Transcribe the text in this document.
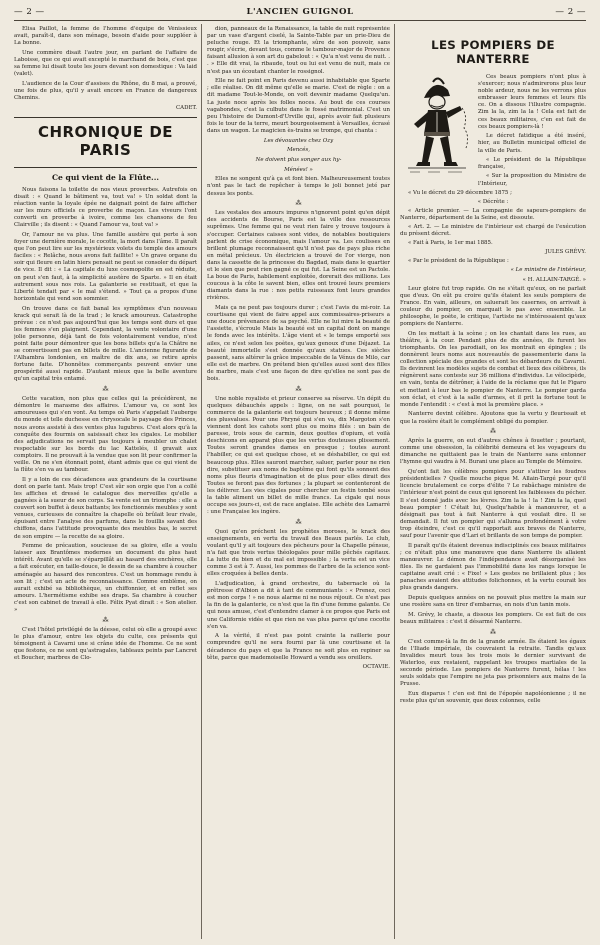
— 2 —	L'ANCIEN GUIGNOL	— 2 —

Elisa Paillot, la femme de l'homme d'équipe de Vénissieux avait, paraît-il, dans son ménage, besoin d'aide pour suppléer à La bonne.

Une commère disait l'autre jour, en parlant de l'affaire de Laboisse, que ce qui avait excepté le marchand de bois, c'est que sa femme lui disait toute les jours devant son domestique : Va laid (valet).

L'audience de la Cour d'assises du Rhône, du 8 mai, a prouvé, une fois de plus, qu'il y avait encore en France de dangereux Chemins.

CADET.

CHRONIQUE DE PARIS
Ce qui vient de la Flûte...

Nous faisons la toilette de nos vieux proverbes. Autrefois on disait : « Quand le bâtiment va, tout va! » Un soldat dont la réaction vante la loyale épée ne daignait point de faire afficher sur les murs officiels ce proverbe de maçon. Les viveurs l'ont converti en proverbe à ivoire, comme les chansons de feu Clairville ; ils disent : « Quand l'amour va, tout va! »

Or, l'amour ne va plus. Une famille austère qui perte à son foyer une dernière morale, le cocotte, la mort dans l'âme. Il paraît que l'on peut lire sur les mystérieux volets du temple des amours faciles : « Relâche, nous avons fait faillite! » Un grave organe du soir qui fleure en latin hiers pensait ne peut se consoler du départ de vice. Il dit : « La capitale du luxe cosmopolite en est réduite, on peut s'en faut, à la simplicité austère de Sparte. » Il en était autrement sous nos rois. La galanterie se restituait, et que la Liberté tendait par « le mal s'étend. » Tout ça a propos d'une horizontale qui vend son sommier.

On trouve dans ce fait banal les symptômes d'un nouveau krack qui serait là de la trad ; le krack amoureux. Catastrophe prévue : ce n'est pas aujourd'hui que les temps sont durs et que les femmes s'en plaignent. Cependant, la vente volontaire d'une jolie personne, déjà tant de fois volontairement vendue, n'est point faite pour démontrer que les bons billets qu'a la Châtre ne se convertissent pas en billets de mille. L'ancienne figurante de l'Alhambra londonien, en maître de dix ans, se retire après fortune faite. D'honnêtes commerçants peuvent envier une prospérité aussi rapide. D'autant mieux que la belle aventure qu'un capital très entamé.

⁂

Cette vacation, non plus que celles qui la précédèrent, ne démontre le marasme des affaires. L'amour va, ce sont les amoureuses qui s'en vont. Au temps où Paris s'appelait l'auberge du monde et telle duchesse en chrysocale le paysage des Princes, nous avons assisté à des ventes plus lugubres. C'est alors qu'à la conquête des fourmis on saisissait chez les cigales. Le mobilier des adjudications ne servait pas toujours à meubler un chalet respectable sur les bords du lac Kattelés, il gravait aux comptoirs. Il ne prouvait à la vendue que son lit peur confirmer la veille. On ne s'en étonnait point, étant admis que ce qui vient de la flûte s'en va au tambour.

Il y a loin de ces décadences aux grandeurs de la courtisane dont on parle tant. Mais trop! C'est sûr son orgie que l'on a collé les affiches et dressé le catalogue des merveilles qu'elle a gagnées à la sueur de son corps. Sa vente est un triomphe : elle a couvert son buffet à deux battants; les fonctionnés meubles y sont venues, curieuses de connaître la chapelle où brûlait leur rivale, épuisant entre l'analyse des parfums, dans le fouillis savant des chiffons, dans l'attitude provoquante des meubles bas, le secret de son empire — la recette de sa gloire.

Femme de précaution, soucieuse de sa gloire, elle a voulu laisser aux Brantômes modernes un document du plus haut intérêt. Avant qu'elle se s'éparpillât au hasard des enchères, elle a fait exécuter, en taille-douce, le dessin de sa chambre à coucher aménagée au hasard des rencontres. C'est un hommage rendu à son lit ; c'est un acte de reconnaissance. Comme emblème, on aurait exhibé sa bibliothèque, un chiffonnier, et en reflet ses amours. L'hermétisme exhibe ses draps. Sa chambre à coucher c'est son cabinet de travail à elle. Félix Pyat dirait : « Son atelier. »

⁂

C'est l'hôtel privilégié de la déesse, celui où elle a groupé avec le plus d'amour, entre les objets du culte, ces présents qui témoignent à Cavarni une si crâne idée de l'homme. Ce ne sont que festons, ce ne sont qu'astragales, tableaux peints par Lancret et Boucher, marbres de Clo-

dion, panneaux de la Renaissance, la table de nuit représentée par un vase d'argent ciselé, la Sainte-Table par un prie-Dieu de peluche rouge. Et la triomphante, sûre de son pouvoir, sans rougir, s'écrie, devant tous, comme le tambour-major de Provence faisant allusion à son art du gabelout : « Qu'a n'est venu de nuit. . . » Elle dit vrai, la ribaude, tout ou lui est venu de nuit, mais ce n'est pas un écoutant chanter le rossignol.

Elle ne fait point en Paris devenu aussi inhabitable que Sparte ; elle réalise. On dit même qu'elle se marie. C'est de règle : on a dit madame Tout-le-Monde, on voit devenir madame Quelqu'un. La juste noce après les folles noces. Au bout de ces courses vagabondes, c'est la culbute dans le fossé matrimonial. C'est un peu l'histoire de Dumont-d'Urville qui, après avoir fait plusieurs fois le tour de la terre, meurt bourgeoisement à Versailles, écrasé dans un wagon. Le magicien ès-trains se trompe, qui chanta :

Les dévouantes chez Ozy

Mencés,

Ne doivent plus songer aux hy-

Ménées! »

Elles ne songent qu'à ça et font bien. Malheureusement toutes n'ont pas le tact de repêcher à temps le joli bonnet jeté par dessus les ponts.

⁂

Les vestales des amours impures n'ignorent point qu'en dépit des accidents de Bourse, Paris est la ville des ressources suprêmes. Une femme qui ne veut rien faire y trouve toujours à s'occuper. Certaines caisses sont vides, de notables boutiquiers parlent de crise économique, mais l'amour va. Les coulisses en brillent plumage reconnaissent qu'il n'est pas de pays plus riche en métal précieux. Un électricien a trouvé de l'or vierge, non dans la cassette de la princesse du Bagdad, mais dans le quartier et le sien que peut rien gagné ce qui fut. La Seine est un Pactole. La boue de Paris, habilement exploitée, dorerait des millions. Les coucous à la côte le savent bien, elles ont trouvé leurs premiers diamants dans la rue : nos petits ruisseaux font leurs grandes rivières.

Mais ça ne peut pas toujours durer ; c'est l'avis du mi-roir. La courtisane qui vient de faire appel aux commissaires-priseurs a une douce prévenance de sa psyché. Elle ne lui mire la beauté de l'assiette, s'écroule Mais la beauté est un capital dont on mange le fonds avec les intérêts. L'âge vient et « le temps emporté ses ailes, ce n'est selon les poètes, qu'aux genoux d'une Déjazet. La beauté immortelle s'est donnée qu'aux statues. Ces siècles passent, sans altérer la grâce impeccable de la Vénus de Milo, car elle est de marbre. On prétend bien qu'elles aussi sont des filles de marbre, mais c'est une façon de dire qu'elles ne sont pas de bois.

⁂

Une noble royaliste et prieur conserve sa réserve. Un dépit du quelques débauchés appels : ligne, on ne sait pourquoi, le commerce de la galanterie est toujours heureux ; il donne même des plusvalues. Pour une Phryné qui s'en va, dix Margoton s'en viennent dont les cahots sont plus ou moins filés : un bain de paresse, trois sous de carmin, deux gouttes d'opium, et voilà deschicons en apparat plus que les vertus douteuses plissement. Toutes seront grandes dames en presque ; toutes auront l'habiller, ce qui est quelque chose, et se déshabiller, ce qui est beaucoup plus. Elles sauront marcher, saluer, parler pour ne rien dire, substituer aux noms de baptême qui font qu'ils sonnent des noms plus fleuris d'imagination et de plus pour elles dirait des Toutes se feront pas des fortunes ; la plupart se contenteront de les délivrer. Les vies cigales pour chercher un festin tombé sous la table aliment un billet de mille francs. La cigale qui nous occupe ses jours-ci, est de race anglaise. Elle achète des Lamarré : une Française les ingère.

⁂

Quoi qu'en préchent les prophètes moroses, le krack des enseignements, en vertu du travail des Beaux parlés. Le club, voulant qu'il y ait toujours des pécheurs pour la Chapelle pénsue, n'a fait que trois vertus théologales pour mille pêchés capitaux. La lutte du bien et du mal est impossible ; la vertu est un vice comme 3 est à 7. Aussi, les pommes de l'arbre de la science sont-elles croquées à belles dents.

L'adjudication, à grand orchestre, du tabernacle où la prêtresse d'Albion a dit à tant de communiants : « Prenez, ceci est mon corps ! » ne nous alarme ni ne nous réjouit. Ce n'est pas la fin de la galanterie, ce n'est que la fin d'une femme galante. Ce qui nous amuse, c'est d'entendre clamer à ce propos que Paris est une Californie vidée et que rien ne vas plus parce qu'une cocotte s'en va.

A la vérité, il n'est pas point crainte la raillerie pour comprendre qu'il ne sera fourni par là une courtisane et la décadence du pays et que la France ne soit plus en repiner sa tête, parce que mademoiselle Howard a vendu ses oreillers.

OCTAVIE.

LES POMPIERS DE NANTERRE

Ces beaux pompiers n'ont plus à s'exercer; nous n'admirerons plus leur noble ardeur, nous ne les verrons plus embrasser leurs femmes et leurs fils ce. On a dissous l'illustre compagnie. Zim la la, zim la la ! Cela est fait de ces beaux militaires, c'en est fait de ces beaux pompiers-là !

Le décret fatidique a été inséré, hier, au Bulletin municipal officiel de la ville de Paris.

« Le président de la République française,

« Sur la proposition du Ministre de l'Intérieur,

« Vu le décret du 29 décembre 1875 ;

« Décrète :

« Article premier. — La compagnie de sapeurs-pompiers de Nanterre, département de la Seine, est dissoute.

« Art. 2. — Le ministre de l'intérieur est chargé de l'exécution du présent décret.

« Fait à Paris, le 1er mai 1885.

JULES GRÉVY.

« Par le président de la République :

« Le ministre de l'intérieur,

« H. ALLAIN-TARGÉ. »

Leur gloire fut trop rapide. On ne s'était qu'eux, on ne parlait que d'eux. On eût pu croire qu'ils étaient les seuls pompiers de France. En vain, ailleurs, on saluerait les casernes, on arrivait à couleur du pompier, on marquait le pas avec ensemble. Le philosophe, le poète, le critique, l'artiste ne s'intéressaient qu'aux pompiers de Nanterre.

On les mettait à la scène ; on les chantait dans les rues, au théâtre, à la cour. Pendant plus de dix années, ils furent les triomphants. On les parodiait, on les montrait en épingles ; ils donnèrent leurs noms aux nouveautés de passementerie dans la collection spéciale des grandes et sont les débardeurs du Cavarni. Ils devinrent les modèles sujets de combat et lieux des célèbres, ils régnèrent sans conteste sur 36 millions d'individus. Le vélocipède, en vain, tenta de détrôner, à l'aide de la réclame que fut le Figaro et mettant à leur bas le pompier de Nanterre. Le pompier garda son éclat, et c'est à la salle d'armes, et il prit la fortune tout le monde l'entendit : « c'est à moi la première place. »

Nanterre devint célèbre. Ajoutons que la vertu y fleurissait et que la rosière était le complément obligé du pompier.

⁂

Après la guerre, on eut d'autres chênes à fouetter ; pourtant, comme une obsession, la célébrité demeura et les voyageurs du dimanche ne quittaient pas le train de Nanterre sans entonner l'hymne qui vaudra à M. Burani une place au Temple de Mémoire.

Qu'ont fait les célèbres pompiers pour s'attirer les foudres présidentielles ? Quelle mouche pique M. Allain-Targé pour qu'il licencie brutalement ce corps d'élite ? Le rabâchage ministre de l'intérieur n'est point de ceux qui ignorent les faiblesses du pécher. Il s'est donné jadis avec les lèvres. Zim la la ! la ! Zim la la, quel beau pompier ! C'était lui, Quelqu'habile à manœuvrer, et a désignait pas tout à fait Nanterre à qui voulait dire. Il se demandait. Il fut un pompier qui s'alluma profondément à votre trop éteindre, c'est ce qu'il rapportait aux braves de Nanterre, sauf pour l'avenir que d'Lari et brillants de son temps de pompier.

Il paraît qu'ils étaient devenus indisciplinés ces beaux militaires ; ce n'était plus une manœuvre que dans Nanterre ils allaient manœuvrer. Le démon de l'indépendance avait désorganisé les files. Ils ne gardaient pas l'immobilité dans les rangs lorsque le capitaine avait crié : « Fixe! » Les gestes ne brillaient plus ; les panaches avaient des attitudes folichonnes, et la vertu courait les plus grands dangers.

Depuis quelques années on ne pouvait plus mettre la main sur une rosière sans en tirer d'embarras, en nois d'un tanin mois.

M. Grévy, le chaste, a dissous les pompiers. Ce est fait de ces beaux militaires : c'est il désarmé Nanterre.

⁂

C'est comme-là la fin de la grande armée. Ils étaient les égaux de l'Iliade impériale, ils couvraient la retraite. Tandis qu'aux Invalides meurt tous les trois mois le dernier survivant de Waterloo, eux restaient, rappelant les troupes martiales de la seconde période. Les pompiers de Nanterre furent, hélas ! les seuls soldats que l'empire ne jeta pas prisonniers aux mains de la Prusse.

Eux disparus ! c'en est fini de l'épopée napoléonienne ; il ne reste plus qu'un souvenir, que deux colonnes, celle
